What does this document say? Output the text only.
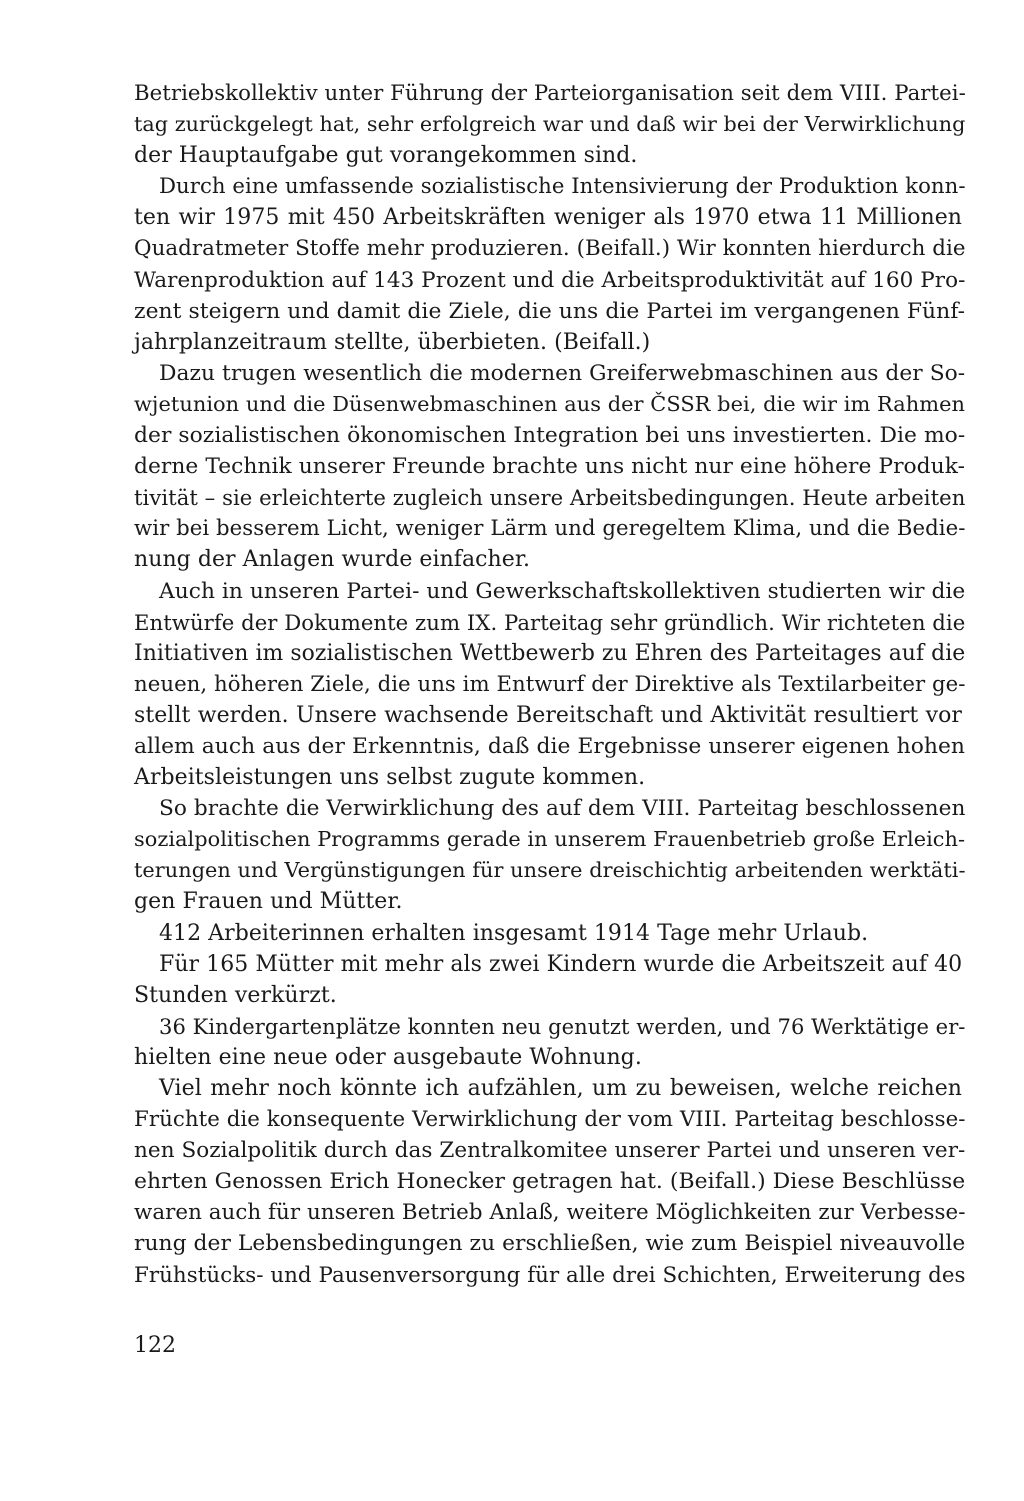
Betriebskollektiv unter Führung der Parteiorganisation seit dem VIII. Partei-
tag zurückgelegt hat, sehr erfolgreich war und daß wir bei der Verwirklichung
der Hauptaufgabe gut vorangekommen sind.
Durch eine umfassende sozialistische Intensivierung der Produktion konn-
ten wir 1975 mit 450 Arbeitskräften weniger als 1970 etwa 11 Millionen
Quadratmeter Stoffe mehr produzieren. (Beifall.) Wir konnten hierdurch die
Warenproduktion auf 143 Prozent und die Arbeitsproduktivität auf 160 Pro-
zent steigern und damit die Ziele, die uns die Partei im vergangenen Fünf-
jahrplanzeitraum stellte, überbieten. (Beifall.)
Dazu trugen wesentlich die modernen Greiferwebmaschinen aus der So-
wjetunion und die Düsenwebmaschinen aus der ČSSR bei, die wir im Rahmen
der sozialistischen ökonomischen Integration bei uns investierten. Die mo-
derne Technik unserer Freunde brachte uns nicht nur eine höhere Produk-
tivität – sie erleichterte zugleich unsere Arbeitsbedingungen. Heute arbeiten
wir bei besserem Licht, weniger Lärm und geregeltem Klima, und die Bedie-
nung der Anlagen wurde einfacher.
Auch in unseren Partei- und Gewerkschaftskollektiven studierten wir die
Entwürfe der Dokumente zum IX. Parteitag sehr gründlich. Wir richteten die
Initiativen im sozialistischen Wettbewerb zu Ehren des Parteitages auf die
neuen, höheren Ziele, die uns im Entwurf der Direktive als Textilarbeiter ge-
stellt werden. Unsere wachsende Bereitschaft und Aktivität resultiert vor
allem auch aus der Erkenntnis, daß die Ergebnisse unserer eigenen hohen
Arbeitsleistungen uns selbst zugute kommen.
So brachte die Verwirklichung des auf dem VIII. Parteitag beschlossenen
sozialpolitischen Programms gerade in unserem Frauenbetrieb große Erleich-
terungen und Vergünstigungen für unsere dreischichtig arbeitenden werktäti-
gen Frauen und Mütter.
412 Arbeiterinnen erhalten insgesamt 1914 Tage mehr Urlaub.
Für 165 Mütter mit mehr als zwei Kindern wurde die Arbeitszeit auf 40
Stunden verkürzt.
36 Kindergartenplätze konnten neu genutzt werden, und 76 Werktätige er-
hielten eine neue oder ausgebaute Wohnung.
Viel mehr noch könnte ich aufzählen, um zu beweisen, welche reichen
Früchte die konsequente Verwirklichung der vom VIII. Parteitag beschlosse-
nen Sozialpolitik durch das Zentralkomitee unserer Partei und unseren ver-
ehrten Genossen Erich Honecker getragen hat. (Beifall.) Diese Beschlüsse
waren auch für unseren Betrieb Anlaß, weitere Möglichkeiten zur Verbesse-
rung der Lebensbedingungen zu erschließen, wie zum Beispiel niveauvolle
Frühstücks- und Pausenversorgung für alle drei Schichten, Erweiterung des
122
